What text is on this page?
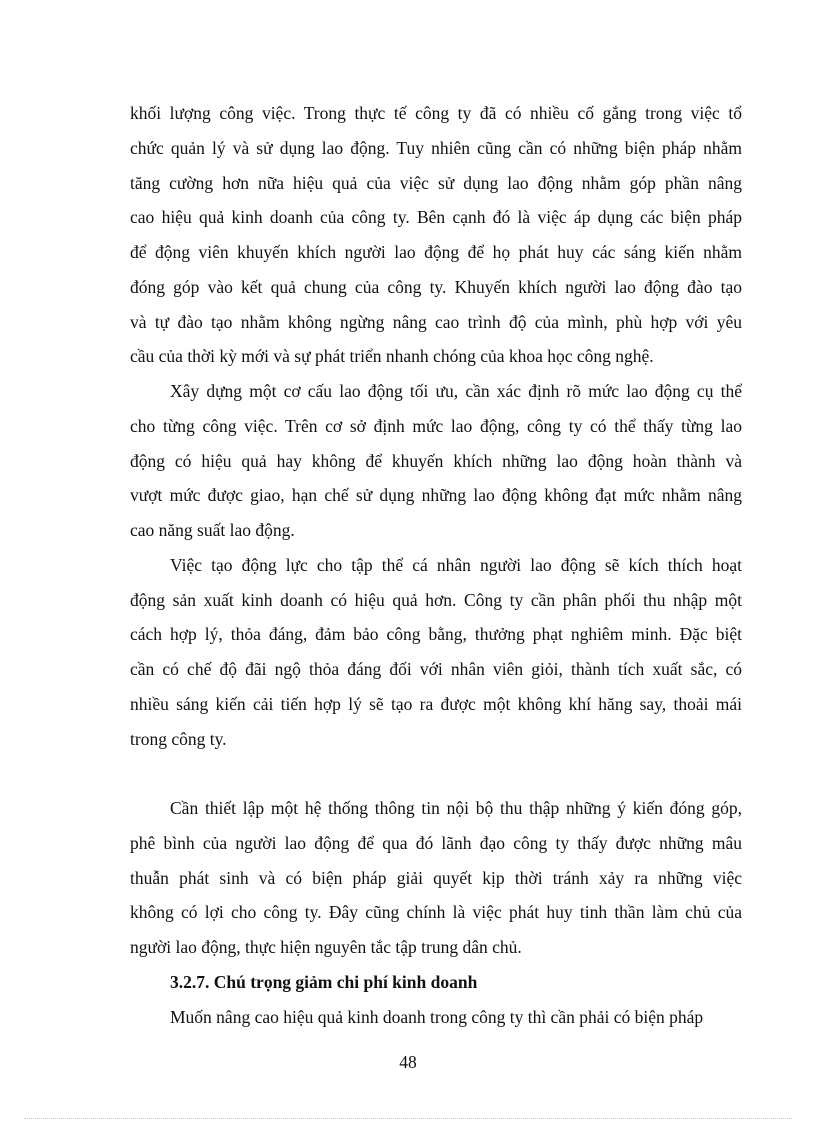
khối lượng công việc. Trong thực tế công ty đã có nhiều cố gắng trong việc tổ
chức quản lý và sử dụng lao động. Tuy nhiên cũng cần có những biện pháp nhằm
tăng cường hơn nữa hiệu quả của việc sử dụng lao động nhằm góp phần nâng
cao hiệu quả kinh doanh của công ty. Bên cạnh đó là việc áp dụng các biện pháp
để động viên khuyến khích người lao động để họ phát huy các sáng kiến nhằm
đóng góp vào kết quả chung của công ty. Khuyến khích người lao động đào tạo
và tự đào tạo nhằm không ngừng nâng cao trình độ của mình, phù hợp với yêu
cầu của thời kỳ mới và sự phát triển nhanh chóng của khoa học công nghệ.
Xây dựng một cơ cấu lao động tối ưu, cần xác định rõ mức lao động cụ thể
cho từng công việc. Trên cơ sở định mức lao động, công ty có thể thấy từng lao
động có hiệu quả hay không để khuyến khích những lao động hoàn thành và
vượt mức được giao, hạn chế sử dụng những lao động không đạt mức nhằm nâng
cao năng suất lao động.
Việc tạo động lực cho tập thể cá nhân người lao động sẽ kích thích hoạt
động sản xuất kinh doanh có hiệu quả hơn. Công ty cần phân phối thu nhập một
cách hợp lý, thỏa đáng, đảm bảo công bằng, thưởng phạt nghiêm minh. Đặc biệt
cần có chế độ đãi ngộ thỏa đáng đối với nhân viên giỏi, thành tích xuất sắc, có
nhiều sáng kiến cải tiến hợp lý sẽ tạo ra được một không khí hăng say, thoải mái
trong công ty.
Cần thiết lập một hệ thống thông tin nội bộ thu thập những ý kiến đóng góp,
phê bình của người lao động để qua đó lãnh đạo công ty thấy được những mâu
thuẫn phát sinh và có biện pháp giải quyết kịp thời tránh xảy ra những việc
không có lợi cho công ty. Đây cũng chính là việc phát huy tinh thần làm chủ của
người lao động, thực hiện nguyên tắc tập trung dân chủ.
3.2.7. Chú trọng giảm chi phí kinh doanh
Muốn nâng cao hiệu quả kinh doanh trong công ty thì cần phải có biện pháp
48
